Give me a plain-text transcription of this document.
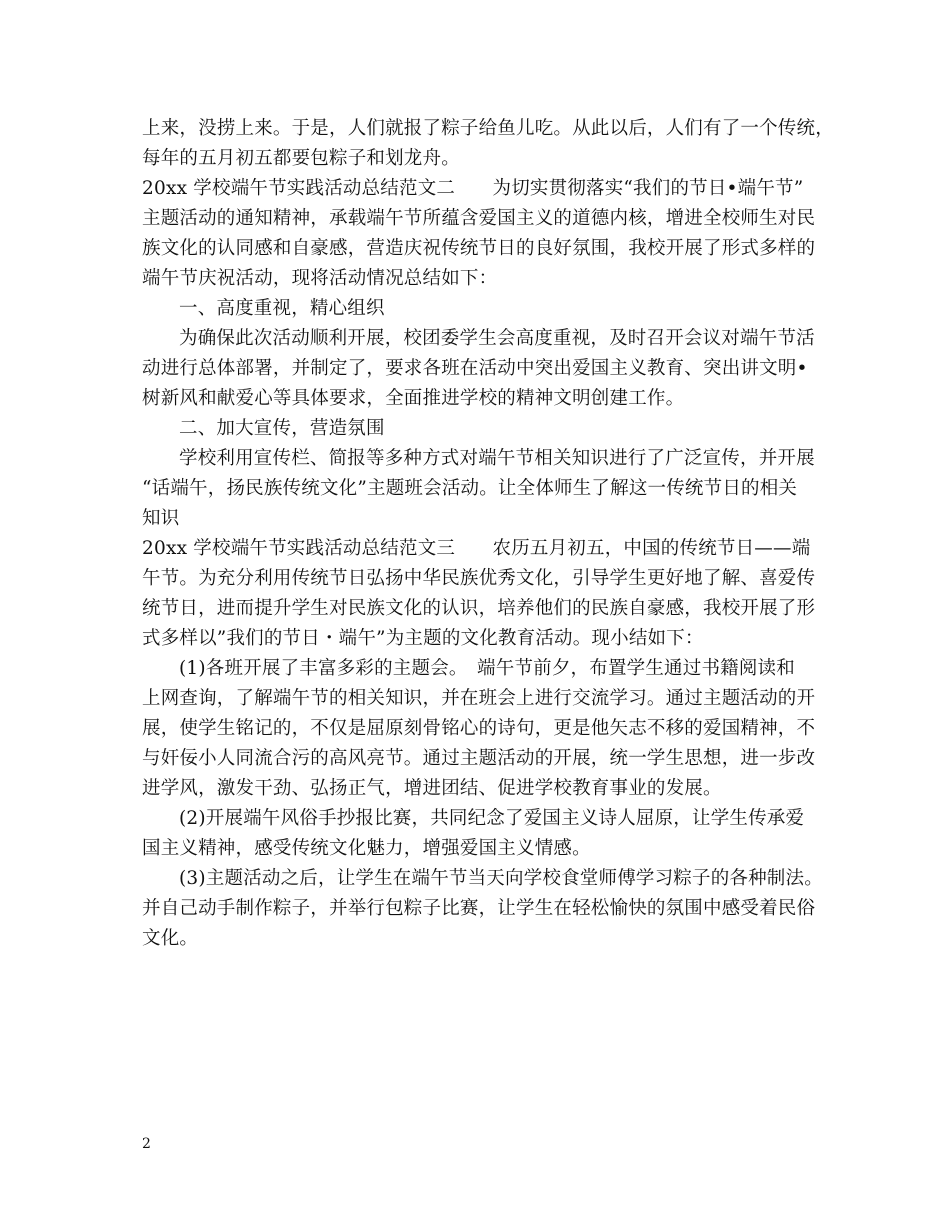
上来，没捞上来。于是，人们就报了粽子给鱼儿吃。从此以后，人们有了一个传统，
每年的五月初五都要包粽子和划龙舟。
20xx 学校端午节实践活动总结范文二　　为切实贯彻落实“我们的节日•端午节”
主题活动的通知精神，承载端午节所蕴含爱国主义的道德内核，增进全校师生对民
族文化的认同感和自豪感，营造庆祝传统节日的良好氛围，我校开展了形式多样的
端午节庆祝活动，现将活动情况总结如下：
一、高度重视，精心组织
为确保此次活动顺利开展，校团委学生会高度重视，及时召开会议对端午节活
动进行总体部署，并制定了，要求各班在活动中突出爱国主义教育、突出讲文明•
树新风和献爱心等具体要求，全面推进学校的精神文明创建工作。
二、加大宣传，营造氛围
学校利用宣传栏、简报等多种方式对端午节相关知识进行了广泛宣传，并开展
“话端午，扬民族传统文化”主题班会活动。让全体师生了解这一传统节日的相关
知识
20xx 学校端午节实践活动总结范文三　　农历五月初五，中国的传统节日——端
午节。为充分利用传统节日弘扬中华民族优秀文化，引导学生更好地了解、喜爱传
统节日，进而提升学生对民族文化的认识，培养他们的民族自豪感，我校开展了形
式多样以”我们的节日・端午”为主题的文化教育活动。现小结如下：
(1)各班开展了丰富多彩的主题会。　端午节前夕，布置学生通过书籍阅读和
上网查询，了解端午节的相关知识，并在班会上进行交流学习。通过主题活动的开
展，使学生铭记的，不仅是屈原刻骨铭心的诗句，更是他矢志不移的爱国精神，不
与奸佞小人同流合污的高风亮节。通过主题活动的开展，统一学生思想，进一步改
进学风，激发干劲、弘扬正气，增进团结、促进学校教育事业的发展。
(2)开展端午风俗手抄报比赛，共同纪念了爱国主义诗人屈原，让学生传承爱
国主义精神，感受传统文化魅力，增强爱国主义情感。
(3)主题活动之后，让学生在端午节当天向学校食堂师傅学习粽子的各种制法。
并自己动手制作粽子，并举行包粽子比赛，让学生在轻松愉快的氛围中感受着民俗
文化。
2
